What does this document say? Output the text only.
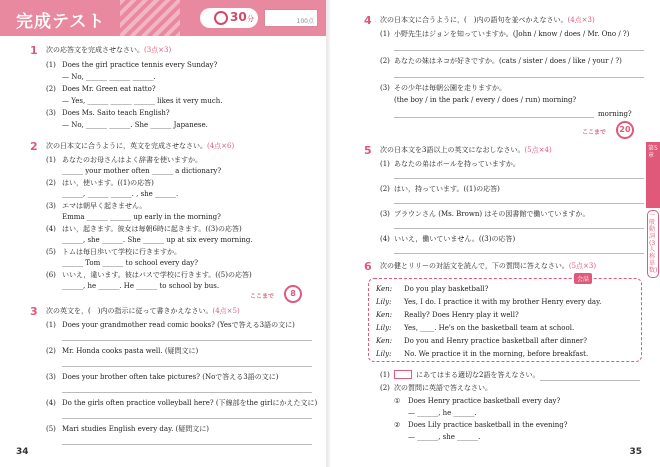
完成テスト	30 分	100点
1 次の応答文を完成させなさい。(3点×3)
(1) Does the girl practice tennis every Sunday?
— No, ______ ______ ______.
(2) Does Mr. Green eat natto?
— Yes, ______ ______ ______ likes it very much.
(3) Does Ms. Saito teach English?
— No, ______ ______. She ______ Japanese.
2 次の日本文に合うように，英文を完成させなさい。(4点×6)
(1) あなたのお母さんはよく辞書を使いますか。
______ your mother often ______ a dictionary?
(2) はい，使います。((1)の応答)
______, ______ ______. , she ______.
(3) エマは朝早く起きません。
Emma ______ ______ up early in the morning?
(4) はい，起きます。彼女は毎朝6時に起きます。((3)の応答)
______, she ______. She ______ up at six every morning.
(5) トムは毎日歩いて学校に行きますか。
______ Tom ______ to school every day?
(6) いいえ，違います。彼はバスで学校に行きます。((5)の応答)
______, he ______. He ______ to school by bus.
ここまで	8
3 次の英文を，(　)内の指示に従って書きかえなさい。(4点×5)
(1) Does your grandmother read comic books? (Yesで答える3語の文に)
(2) Mr. Honda cooks pasta well. (疑問文に)
(3) Does your brother often take pictures? (Noで答える3語の文に)
(4) Do the girls often practice volleyball here? (下線部をthe girlにかえた文に)
(5) Mari studies English every day. (疑問文に)
34
4 次の日本文に合うように，(　)内の語句を並べかえなさい。(4点×3)
(1) 小野先生はジョンを知っていますか。(John / know / does / Mr. Ono / ?)
(2) あなたの妹はネコが好きですか。(cats / sister / does / like / your / ?)
(3) その少年は毎朝公園を走りますか。
(the boy / in the park / every / does / run) morning?
morning?
ここまで	20
5 次の日本文を3語以上の英文になおしなさい。(5点×4)
(1) あなたの弟はボールを持っていますか。
(2) はい，持っています。((1)の応答)
(3) ブラウンさん (Ms. Brown) はその図書館で働いていますか。
(4) いいえ，働いていません。((3)の応答)
6 次の健とリリーの対話文を読んで，下の質問に答えなさい。(5点×3)
会話
Ken: Do you play basketball?
Lily: Yes, I do. I practice it with my brother Henry every day.
Ken: Really? Does Henry play it well?
Lily: Yes, ____. He's on the basketball team at school.
Ken: Do you and Henry practice basketball after dinner?
Lily: No. We practice it in the morning, before breakfast.
(1)	にあてはまる適切な2語を答えなさい。
(2) 次の質問に英語で答えなさい。
① Does Henry practice basketball every day?
— ______, he ______.
② Does Lily practice basketball in the evening?
— ______, she ______.
第5章
一般動詞(3人称単数)
35
